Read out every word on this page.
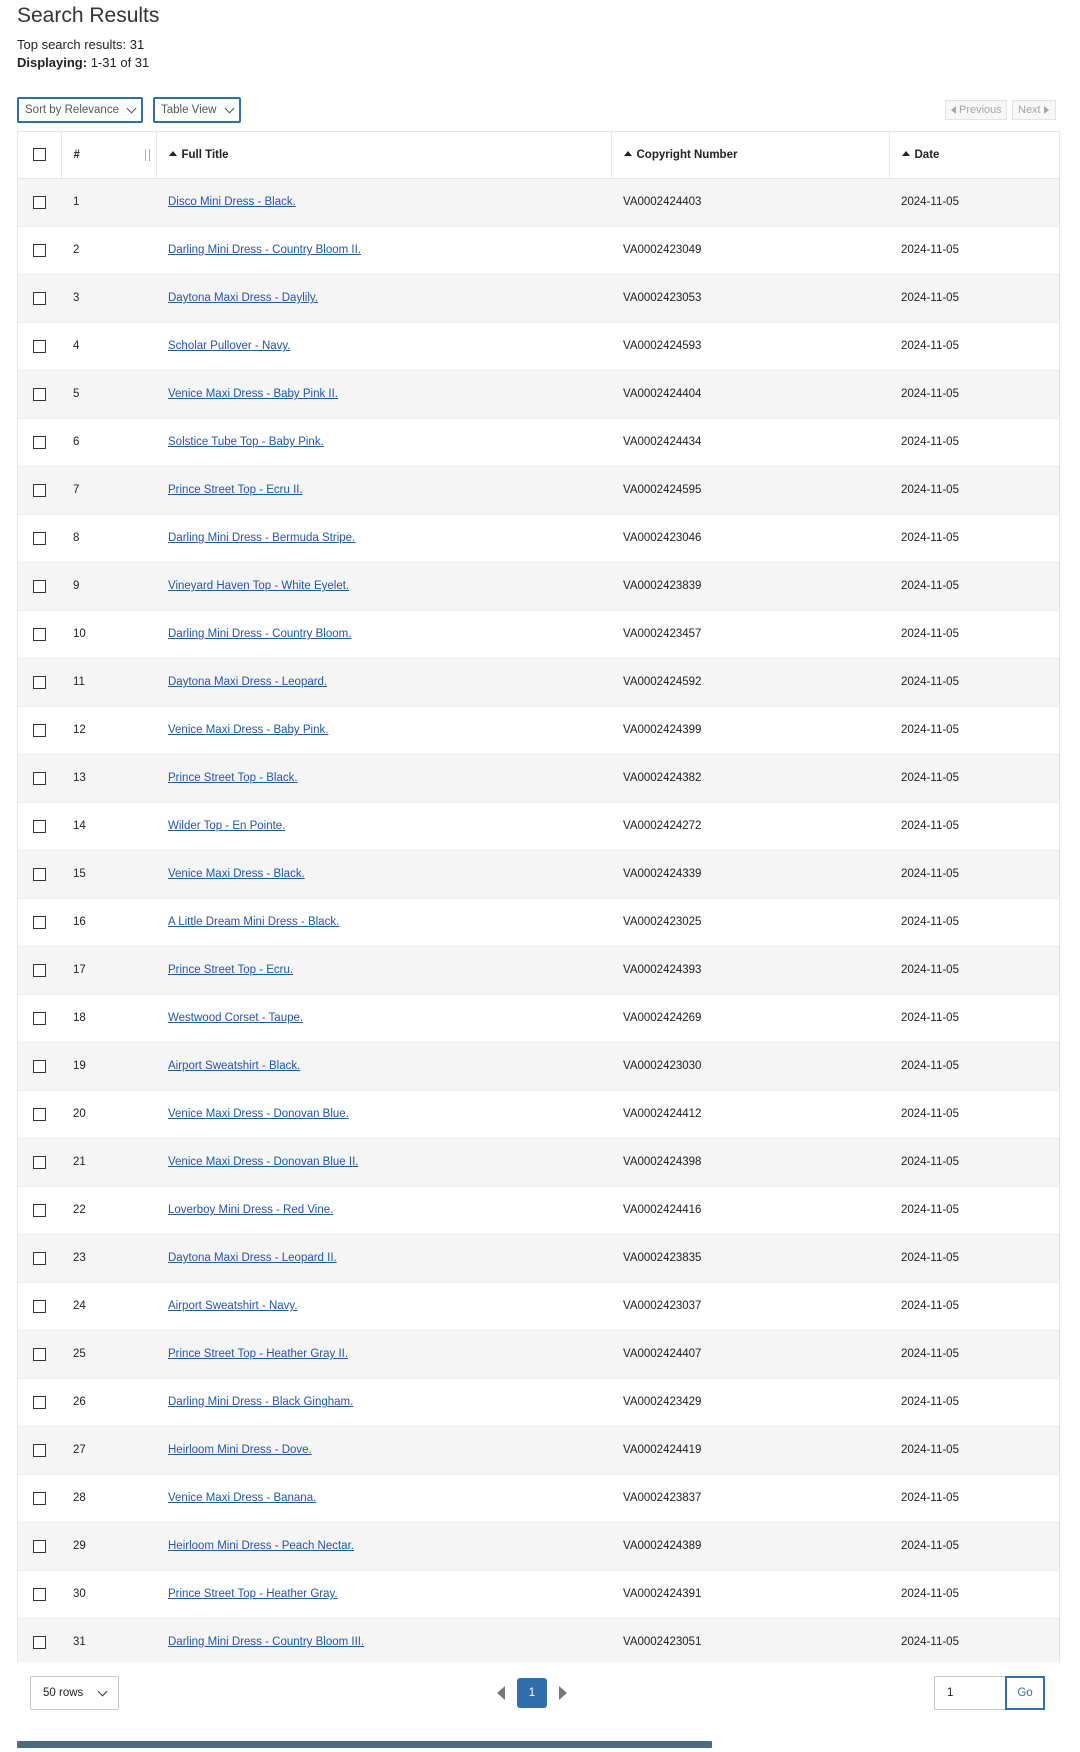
Search Results
Top search results: 31
Displaying: 1-31 of 31
Sort by Relevance	Table View	Previous Next
	#	Full Title	Copyright Number	Date
	1	Disco Mini Dress - Black.	VA0002424403	2024-11-05
	2	Darling Mini Dress - Country Bloom II.	VA0002423049	2024-11-05
	3	Daytona Maxi Dress - Daylily.	VA0002423053	2024-11-05
	4	Scholar Pullover - Navy.	VA0002424593	2024-11-05
	5	Venice Maxi Dress - Baby Pink II.	VA0002424404	2024-11-05
	6	Solstice Tube Top - Baby Pink.	VA0002424434	2024-11-05
	7	Prince Street Top - Ecru II.	VA0002424595	2024-11-05
	8	Darling Mini Dress - Bermuda Stripe.	VA0002423046	2024-11-05
	9	Vineyard Haven Top - White Eyelet.	VA0002423839	2024-11-05
	10	Darling Mini Dress - Country Bloom.	VA0002423457	2024-11-05
	11	Daytona Maxi Dress - Leopard.	VA0002424592	2024-11-05
	12	Venice Maxi Dress - Baby Pink.	VA0002424399	2024-11-05
	13	Prince Street Top - Black.	VA0002424382	2024-11-05
	14	Wilder Top - En Pointe.	VA0002424272	2024-11-05
	15	Venice Maxi Dress - Black.	VA0002424339	2024-11-05
	16	A Little Dream Mini Dress - Black.	VA0002423025	2024-11-05
	17	Prince Street Top - Ecru.	VA0002424393	2024-11-05
	18	Westwood Corset - Taupe.	VA0002424269	2024-11-05
	19	Airport Sweatshirt - Black.	VA0002423030	2024-11-05
	20	Venice Maxi Dress - Donovan Blue.	VA0002424412	2024-11-05
	21	Venice Maxi Dress - Donovan Blue II.	VA0002424398	2024-11-05
	22	Loverboy Mini Dress - Red Vine.	VA0002424416	2024-11-05
	23	Daytona Maxi Dress - Leopard II.	VA0002423835	2024-11-05
	24	Airport Sweatshirt - Navy.	VA0002423037	2024-11-05
	25	Prince Street Top - Heather Gray II.	VA0002424407	2024-11-05
	26	Darling Mini Dress - Black Gingham.	VA0002423429	2024-11-05
	27	Heirloom Mini Dress - Dove.	VA0002424419	2024-11-05
	28	Venice Maxi Dress - Banana.	VA0002423837	2024-11-05
	29	Heirloom Mini Dress - Peach Nectar.	VA0002424389	2024-11-05
	30	Prince Street Top - Heather Gray.	VA0002424391	2024-11-05
	31	Darling Mini Dress - Country Bloom III.	VA0002423051	2024-11-05
50 rows	1
1	Go
